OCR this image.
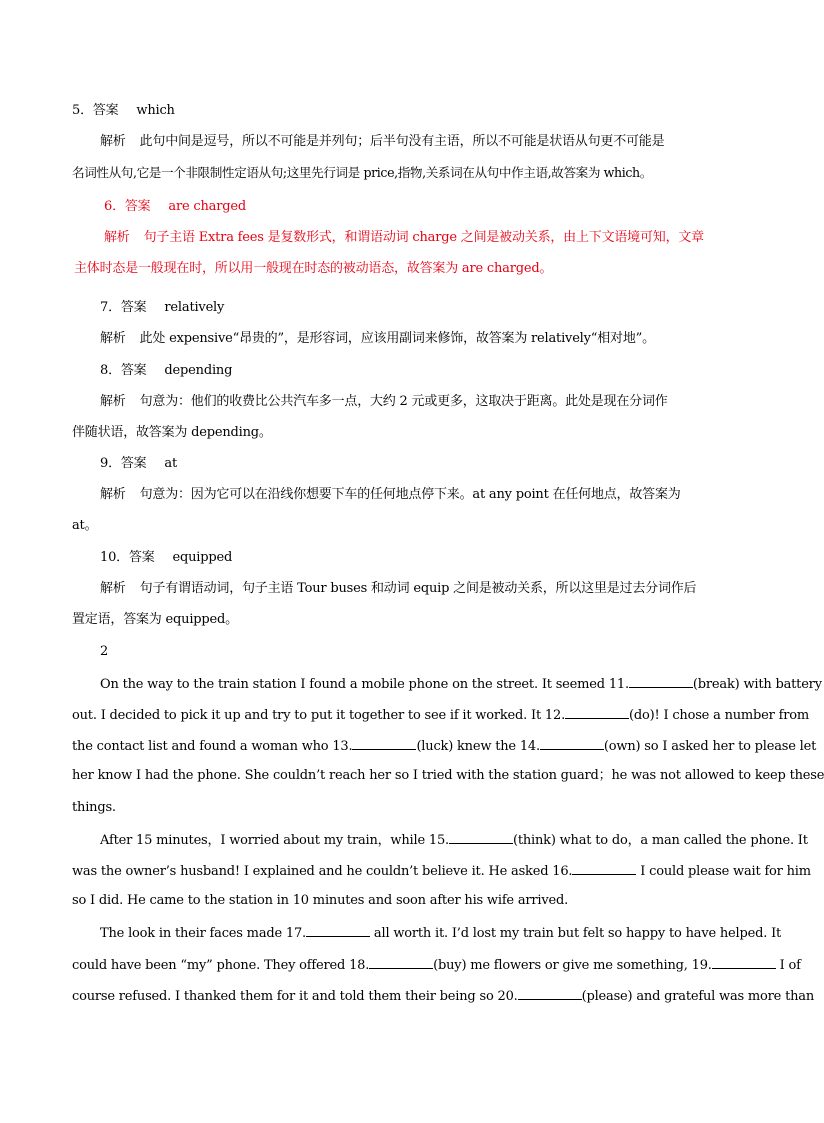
5．答案 which
解析 此句中间是逗号，所以不可能是并列句；后半句没有主语，所以不可能是状语从句更不可能是
名词性从句,它是一个非限制性定语从句;这里先行词是 price,指物,关系词在从句中作主语,故答案为 which。
6．答案 are charged
解析 句子主语 Extra fees 是复数形式，和谓语动词 charge 之间是被动关系，由上下文语境可知，文章
主体时态是一般现在时，所以用一般现在时态的被动语态，故答案为 are charged。
7．答案 relatively
解析 此处 expensive“昂贵的”，是形容词，应该用副词来修饰，故答案为 relatively“相对地”。
8．答案 depending
解析 句意为：他们的收费比公共汽车多一点，大约 2 元或更多，这取决于距离。此处是现在分词作
伴随状语，故答案为 depending。
9．答案 at
解析 句意为：因为它可以在沿线你想要下车的任何地点停下来。at any point 在任何地点，故答案为
at。
10．答案 equipped
解析 句子有谓语动词，句子主语 Tour buses 和动词 equip 之间是被动关系，所以这里是过去分词作后
置定语，答案为 equipped。
2
On the way to the train station I found a mobile phone on the street. It seemed 11.	(break) with battery
out. I decided to pick it up and try to put it together to see if it worked. It 12.	(do)! I chose a number from
the contact list and found a woman who 13.	(luck) knew the 14.	(own) so I asked her to please let
her know I had the phone. She couldn’t reach her so I tried with the station guard；he was not allowed to keep these
things.
After 15 minutes，I worried about my train，while 15.	(think) what to do，a man called the phone. It
was the owner’s husband! I explained and he couldn’t believe it. He asked 16.	I could please wait for him
so I did. He came to the station in 10 minutes and soon after his wife arrived.
The look in their faces made 17.	all worth it. I’d lost my train but felt so happy to have helped. It
could have been “my” phone. They offered 18.	(buy) me flowers or give me something, 19.	I of
course refused. I thanked them for it and told them their being so 20.	(please) and grateful was more than
